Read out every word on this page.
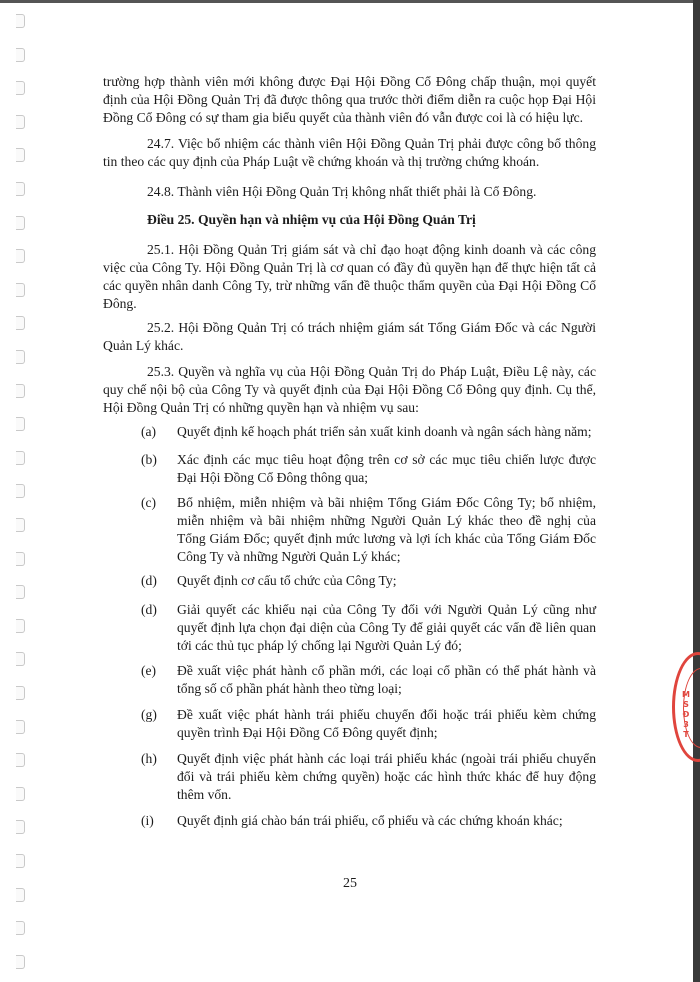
M
S
Đ
3
T

trường hợp thành viên mới không được Đại Hội Đồng Cổ Đông chấp thuận, mọi quyết định của Hội Đồng Quản Trị đã được thông qua trước thời điểm diễn ra cuộc họp Đại Hội Đồng Cổ Đông có sự tham gia biểu quyết của thành viên đó vẫn được coi là có hiệu lực.

24.7. Việc bổ nhiệm các thành viên Hội Đồng Quản Trị phải được công bố thông tin theo các quy định của Pháp Luật về chứng khoán và thị trường chứng khoán.

24.8. Thành viên Hội Đồng Quản Trị không nhất thiết phải là Cổ Đông.

Điều 25. Quyền hạn và nhiệm vụ của Hội Đồng Quản Trị

25.1. Hội Đồng Quản Trị giám sát và chỉ đạo hoạt động kinh doanh và các công việc của Công Ty. Hội Đồng Quản Trị là cơ quan có đầy đủ quyền hạn để thực hiện tất cả các quyền nhân danh Công Ty, trừ những vấn đề thuộc thẩm quyền của Đại Hội Đồng Cổ Đông.

25.2. Hội Đồng Quản Trị có trách nhiệm giám sát Tổng Giám Đốc và các Người Quản Lý khác.

25.3. Quyền và nghĩa vụ của Hội Đồng Quản Trị do Pháp Luật, Điều Lệ này, các quy chế nội bộ của Công Ty và quyết định của Đại Hội Đồng Cổ Đông quy định. Cụ thể, Hội Đồng Quản Trị có những quyền hạn và nhiệm vụ sau:

(a) Quyết định kế hoạch phát triển sản xuất kinh doanh và ngân sách hàng năm;

(b) Xác định các mục tiêu hoạt động trên cơ sở các mục tiêu chiến lược được Đại Hội Đồng Cổ Đông thông qua;

(c) Bổ nhiệm, miễn nhiệm và bãi nhiệm Tổng Giám Đốc Công Ty; bổ nhiệm, miễn nhiệm và bãi nhiệm những Người Quản Lý khác theo đề nghị của Tổng Giám Đốc; quyết định mức lương và lợi ích khác của Tổng Giám Đốc Công Ty và những Người Quản Lý khác;

(d) Quyết định cơ cấu tổ chức của Công Ty;

(d) Giải quyết các khiếu nại của Công Ty đối với Người Quản Lý cũng như quyết định lựa chọn đại diện của Công Ty để giải quyết các vấn đề liên quan tới các thủ tục pháp lý chống lại Người Quản Lý đó;

(e) Đề xuất việc phát hành cổ phần mới, các loại cổ phần có thể phát hành và tổng số cổ phần phát hành theo từng loại;

(g) Đề xuất việc phát hành trái phiếu chuyển đổi hoặc trái phiếu kèm chứng quyền trình Đại Hội Đồng Cổ Đông quyết định;

(h) Quyết định việc phát hành các loại trái phiếu khác (ngoài trái phiếu chuyển đổi và trái phiếu kèm chứng quyền) hoặc các hình thức khác để huy động thêm vốn.

(i) Quyết định giá chào bán trái phiếu, cổ phiếu và các chứng khoán khác;

25
